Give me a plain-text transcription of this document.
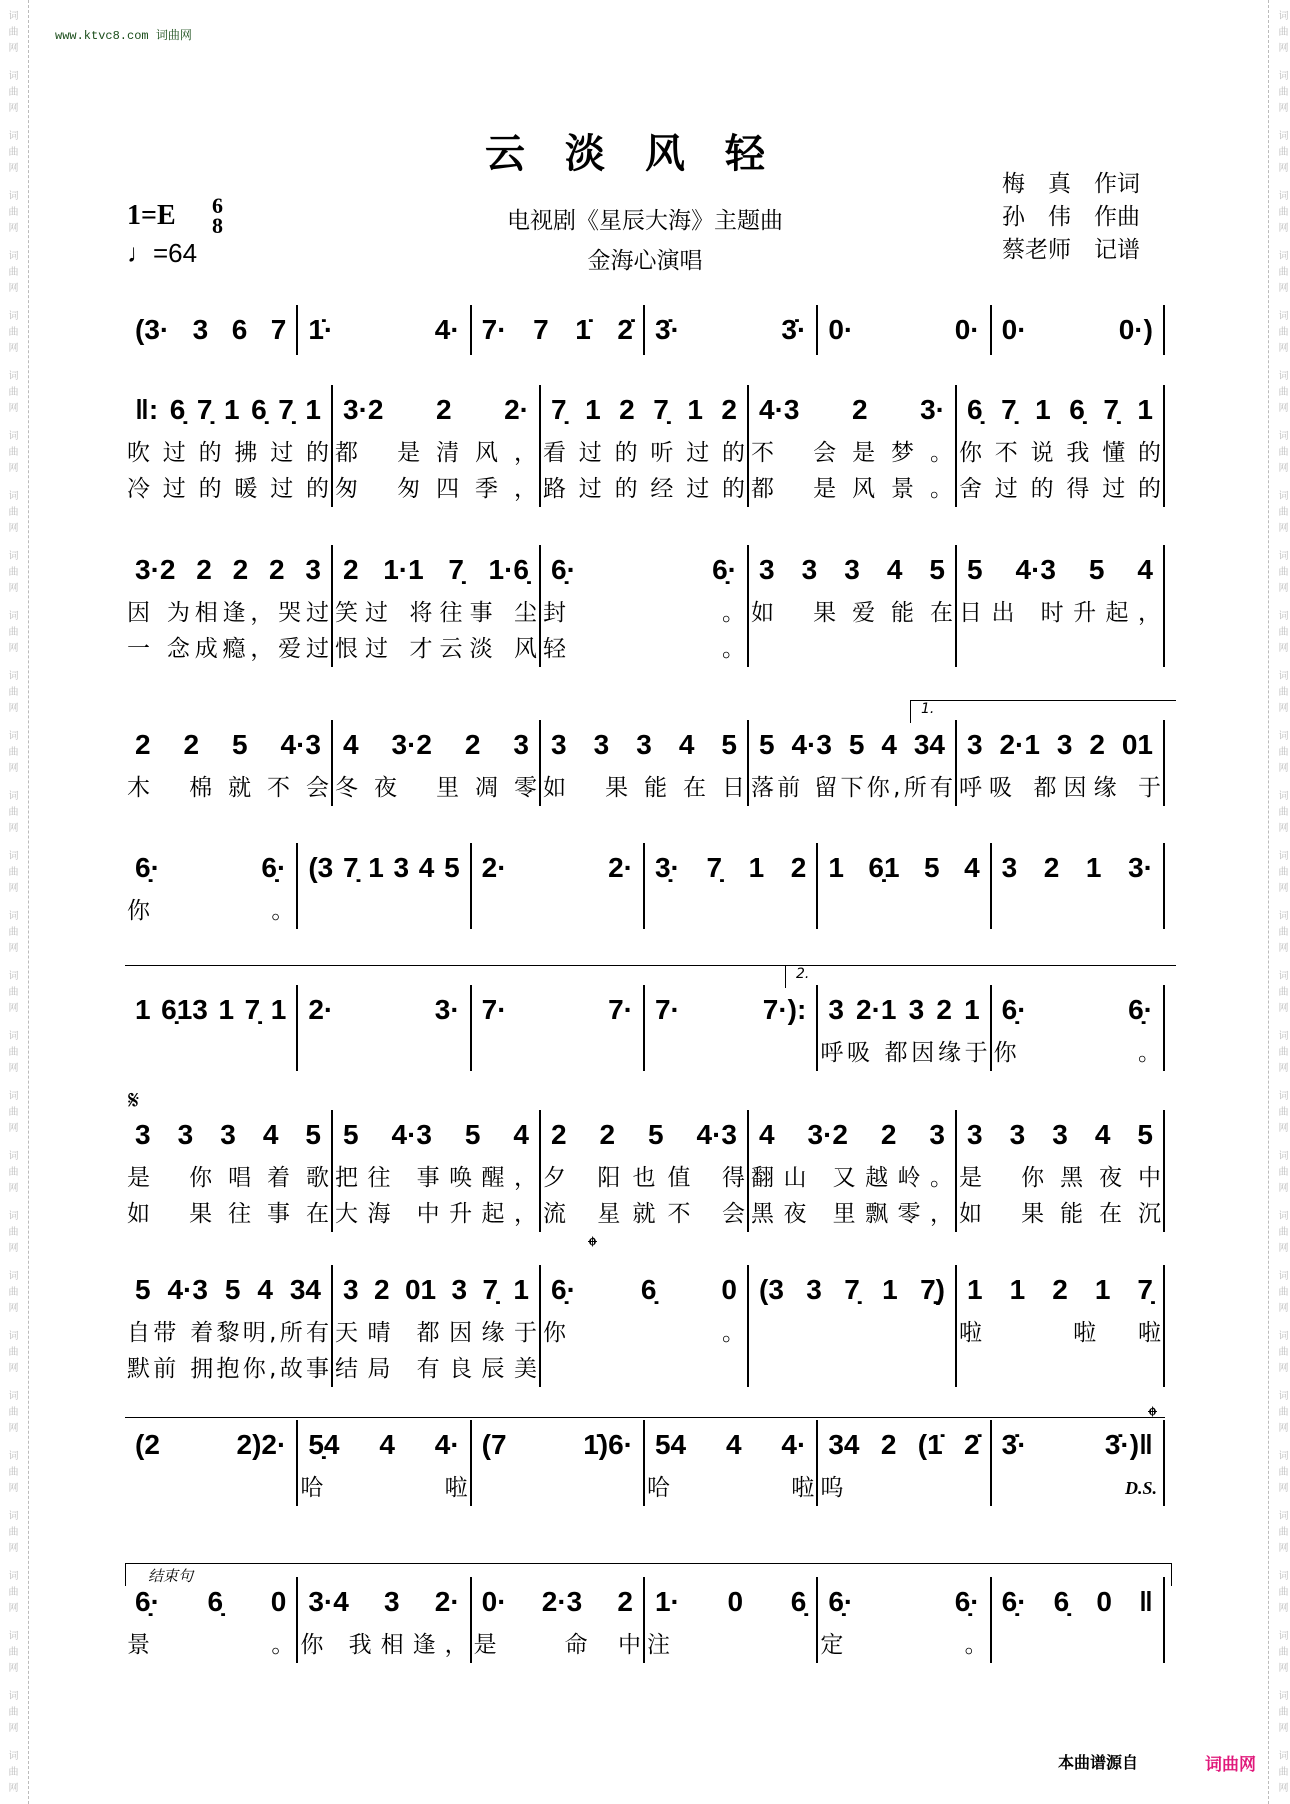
www.ktvc8.com 词曲网
云淡风轻
电视剧《星辰大海》主题曲
金海心演唱
1=E 6
8
♩=64
梅　真　作词
孙　伟　作曲
蔡老师　记谱
(3· 3 6 7 1̇· 4· 7· 7 1̇ 2̇ 3̇· 3̇· 0· 0· 0· 0·)
‖: 6̣ 7̣ 1 6̣ 7̣ 1
吹过的拂过的
冷过的暖过的
3·2 2 2·
都 是清风，
匆 匆四季，
7̣ 1 2 7̣ 1 2
看过的听过的
路过的经过的
4·3 2 3·
不 会是梦。
都 是风景。
6̣ 7̣ 1 6̣ 7̣ 1
你不说我懂的
舍过的得过的
3·2 2 2 2 3
因 为相逢，哭过
一 念成瘾，爱过
2 1·1 7̣ 1·6̣
笑过 将往事 尘
恨过 才云淡 风
6̣· 6̣·
封。
轻。
3 3 3 4 5
如 果爱能在
5 4·3 5 4
日出 时升起，
2 2 5 4·3
木 棉就不会
4 3·2 2 3
冬夜 里凋零
3 3 3 4 5
如 果能在日
5 4·3 5 4 34
落前 留下你,所有
3 2·1 3 2 01
呼吸 都因缘 于
6̣· 6̣·
你。
(3 7̣ 1 3 4 5 2· 2· 3̣· 7̣ 1 2 1 6̣1 5 4 3 2 1 3·
1 6̣13 1 7̣ 1 2· 3· 7· 7· 7· 7·): 3 2·1 3 2 1
呼吸 都因缘于
6̣· 6̣·
你。
3 3 3 4 5
是 你唱着歌
如 果往事在
5 4·3 5 4
把往 事唤醒，
大海 中升起，
2 2 5 4·3
夕 阳也值 得
流 星就不 会
4 3·2 2 3
翻山 又越岭。
黑夜 里飘零，
3 3 3 4 5
是 你黑夜中
如 果能在沉
5 4·3 5 4 34
自带 着黎明,所有
默前 拥抱你,故事
3 2 01 3 7̣ 1
天晴 都因缘于
结局 有良辰美
6̣· 6̣ 0
你。
(3 3 7̣ 1 7̣) 1 1 2 1 7̣
啦 啦啦
(2 2)2· 5̣4 4 4·
哈 啦
(7 1̇)6· 54 4 4·
哈 啦
34 2 (1̇ 2̇
呜
3̇· 3̇·)‖
6̣· 6̣ 0
景。
3·4 3 2·
你 我相逢，
0· 2·3 2
是 命中
1· 0 6̣
注
6̣· 6̣·
定。
6̣· 6̣ 0 ‖
1.
2.
𝄋
𝄌
𝄌
D.S.
结束句
本曲谱源自	词曲网
词曲网	词曲网
词曲网	词曲网
词曲网	词曲网
词曲网	词曲网
词曲网	词曲网
词曲网	词曲网
词曲网	词曲网
词曲网	词曲网
词曲网	词曲网
词曲网	词曲网
词曲网	词曲网
词曲网	词曲网
词曲网	词曲网
词曲网	词曲网
词曲网	词曲网
词曲网	词曲网
词曲网	词曲网
词曲网	词曲网
词曲网	词曲网
词曲网	词曲网
词曲网	词曲网
词曲网	词曲网
词曲网	词曲网
词曲网	词曲网
词曲网	词曲网
词曲网	词曲网
词曲网	词曲网
词曲网	词曲网
词曲网	词曲网
词曲网	词曲网
